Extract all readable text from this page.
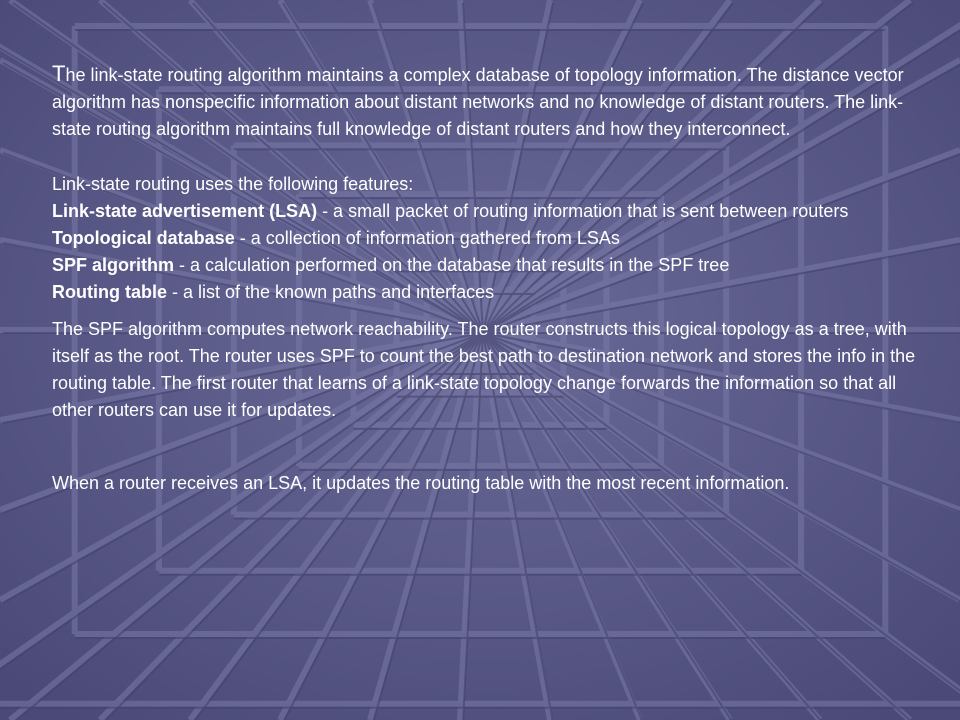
The link-state routing algorithm maintains a complex database of topology information. The distance vector algorithm has nonspecific information about distant networks and no knowledge of distant routers. The link-state routing algorithm maintains full knowledge of distant routers and how they interconnect.

Link-state routing uses the following features:

Link-state advertisement (LSA) - a small packet of routing information that is sent between routers

Topological database - a collection of information gathered from LSAs

SPF algorithm - a calculation performed on the database that results in the SPF tree

Routing table - a list of the known paths and interfaces

The SPF algorithm computes network reachability. The router constructs this logical topology as a tree, with itself as the root. The router uses SPF to count the best path to destination network and stores the info in the routing table. The first router that learns of a link-state topology change forwards the information so that all other routers can use it for updates.

When a router receives an LSA, it updates the routing table with the most recent information.
